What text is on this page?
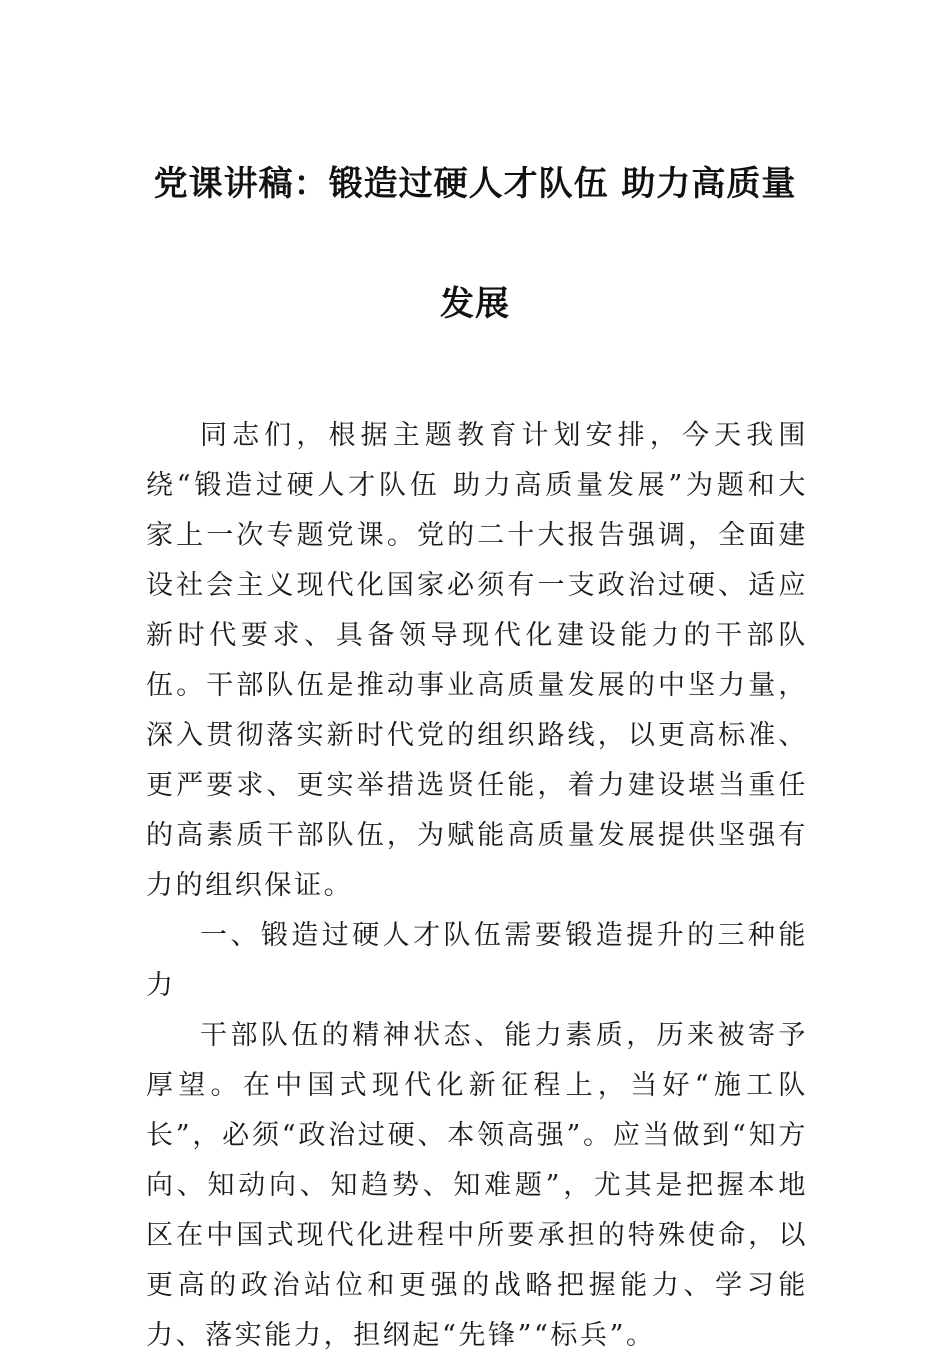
党课讲稿：锻造过硬人才队伍 助力高质量
发展

同志们，根据主题教育计划安排，今天我围绕“锻造过硬人才队伍 助力高质量发展”为题和大家上一次专题党课。党的二十大报告强调，全面建设社会主义现代化国家必须有一支政治过硬、适应新时代要求、具备领导现代化建设能力的干部队伍。干部队伍是推动事业高质量发展的中坚力量，深入贯彻落实新时代党的组织路线，以更高标准、更严要求、更实举措选贤任能，着力建设堪当重任的高素质干部队伍，为赋能高质量发展提供坚强有力的组织保证。

一、锻造过硬人才队伍需要锻造提升的三种能力

干部队伍的精神状态、能力素质，历来被寄予厚望。在中国式现代化新征程上，当好“施工队长”，必须“政治过硬、本领高强”。应当做到“知方向、知动向、知趋势、知难题”，尤其是把握本地区在中国式现代化进程中所要承担的特殊使命，以更高的政治站位和更强的战略把握能力、学习能力、落实能力，担纲起“先锋”“标兵”。
